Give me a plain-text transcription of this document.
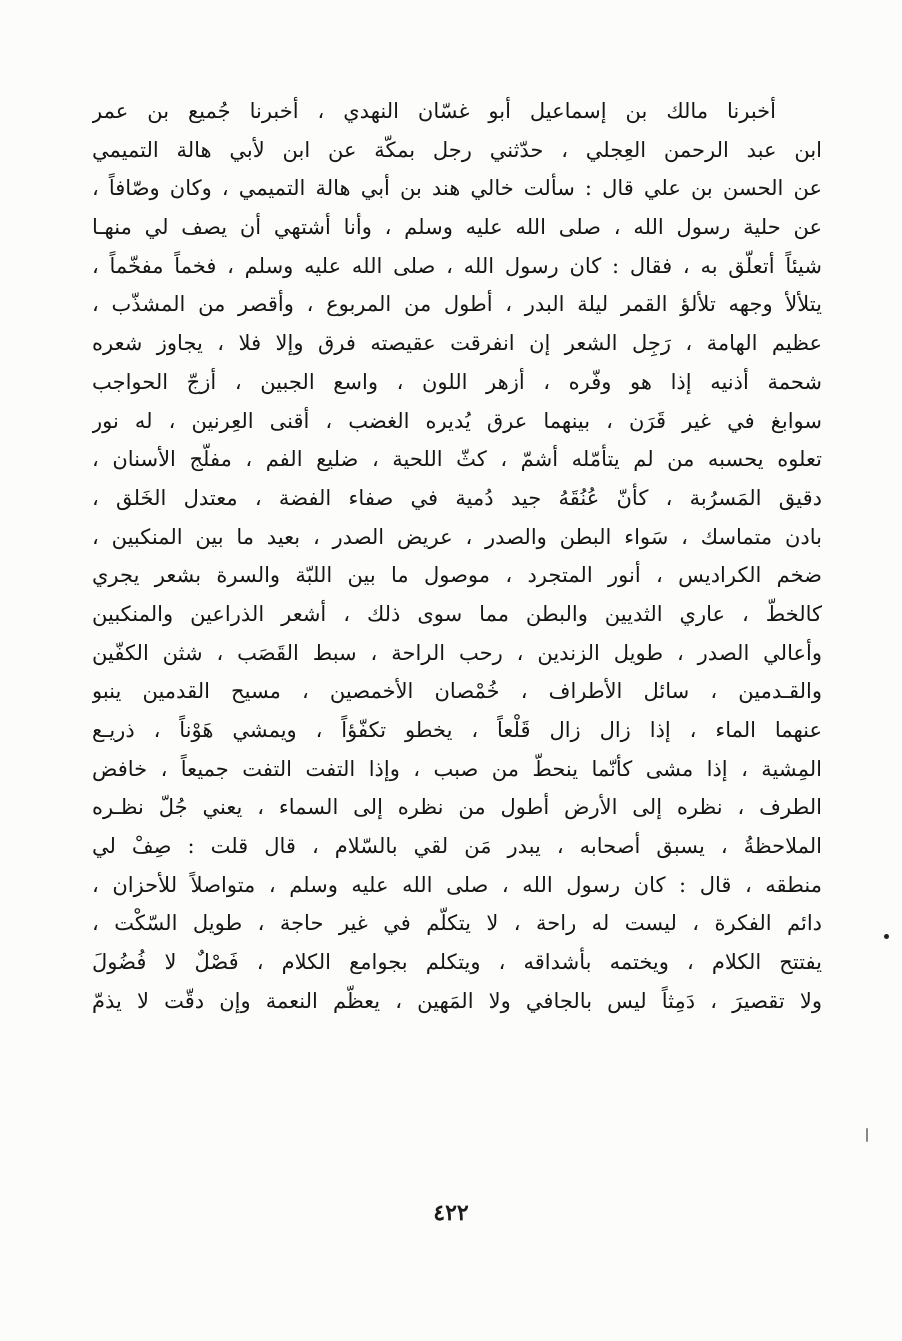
أخبرنا مالك بن إسماعيل أبو غسّان النهدي ، أخبرنا جُميع بن عمر
ابن عبد الرحمن العِجلي ، حدّثني رجل بمكّة عن ابن لأبي هالة التميمي
عن الحسن بن علي قال : سألت خالي هند بن أبي هالة التميمي ، وكان وصّافاً ،
عن حلية رسول الله ، صلى الله عليه وسلم ، وأنا أشتهي أن يصف لي منهـا
شيئاً أتعلّق به ، فقال : كان رسول الله ، صلى الله عليه وسلم ، فخماً مفخّماً ،
يتلألأ وجهه تلألؤ القمر ليلة البدر ، أطول من المربوع ، وأقصر من المشذّب ،
عظيم الهامة ، رَجِل الشعر إن انفرقت عقيصته فرق وإلا فلا ، يجاوز شعره
شحمة أذنيه إذا هو وفّره ، أزهر اللون ، واسع الجبين ، أزجّ الحواجب
سوابغ في غير قَرَن ، بينهما عرق يُديره الغضب ، أقنى العِرنين ، له نور
تعلوه يحسبه من لم يتأمّله أشمّ ، كثّ اللحية ، ضليع الفم ، مفلّج الأسنان ،
دقيق المَسرُبة ، كأنّ عُنُقَهُ جيد دُمية في صفاء الفضة ، معتدل الخَلق ،
بادن متماسك ، سَواء البطن والصدر ، عريض الصدر ، بعيد ما بين المنكبين ،
ضخم الكراديس ، أنور المتجرد ، موصول ما بين اللبّة والسرة بشعر يجري
كالخطّ ، عاري الثديين والبطن مما سوى ذلك ، أشعر الذراعين والمنكبين
وأعالي الصدر ، طويل الزندين ، رحب الراحة ، سبط القَصَب ، شثن الكفّين
والقـدمين ، سائل الأطراف ، خُمْصان الأخمصين ، مسيح القدمين ينبو
عنهما الماء ، إذا زال زال قَلْعاً ، يخطو تكفّؤاً ، ويمشي هَوْناً ، ذريـع
المِشية ، إذا مشى كأنّما ينحطّ من صبب ، وإذا التفت التفت جميعاً ، خافض
الطرف ، نظره إلى الأرض أطول من نظره إلى السماء ، يعني جُلّ نظـره
الملاحظةُ ، يسبق أصحابه ، يبدر مَن لقي بالسّلام ، قال قلت : صِفْ لي
منطقه ، قال : كان رسول الله ، صلى الله عليه وسلم ، متواصلاً للأحزان ،
دائم الفكرة ، ليست له راحة ، لا يتكلّم في غير حاجة ، طويل السّكْت ،
يفتتح الكلام ، ويختمه بأشداقه ، ويتكلم بجوامع الكلام ، فَصْلٌ لا فُضُولَ
ولا تقصيرَ ، دَمِثاً ليس بالجافي ولا المَهين ، يعظّم النعمة وإن دقّت لا يذمّ
٤٢٢
